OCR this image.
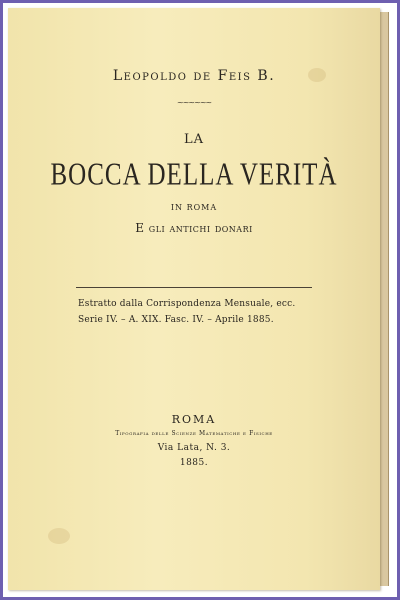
Leopoldo de Feis B.
~~~~~~
LA
BOCCA DELLA VERITÀ
IN ROMA
E gli antichi donari
Estratto dalla Corrispondenza Mensuale, ecc.
Serie IV. – A. XIX. Fasc. IV. – Aprile 1885.
ROMA
Tipografia delle Scienze Matematiche e Fisiche
Via Lata, N. 3.
1885.
